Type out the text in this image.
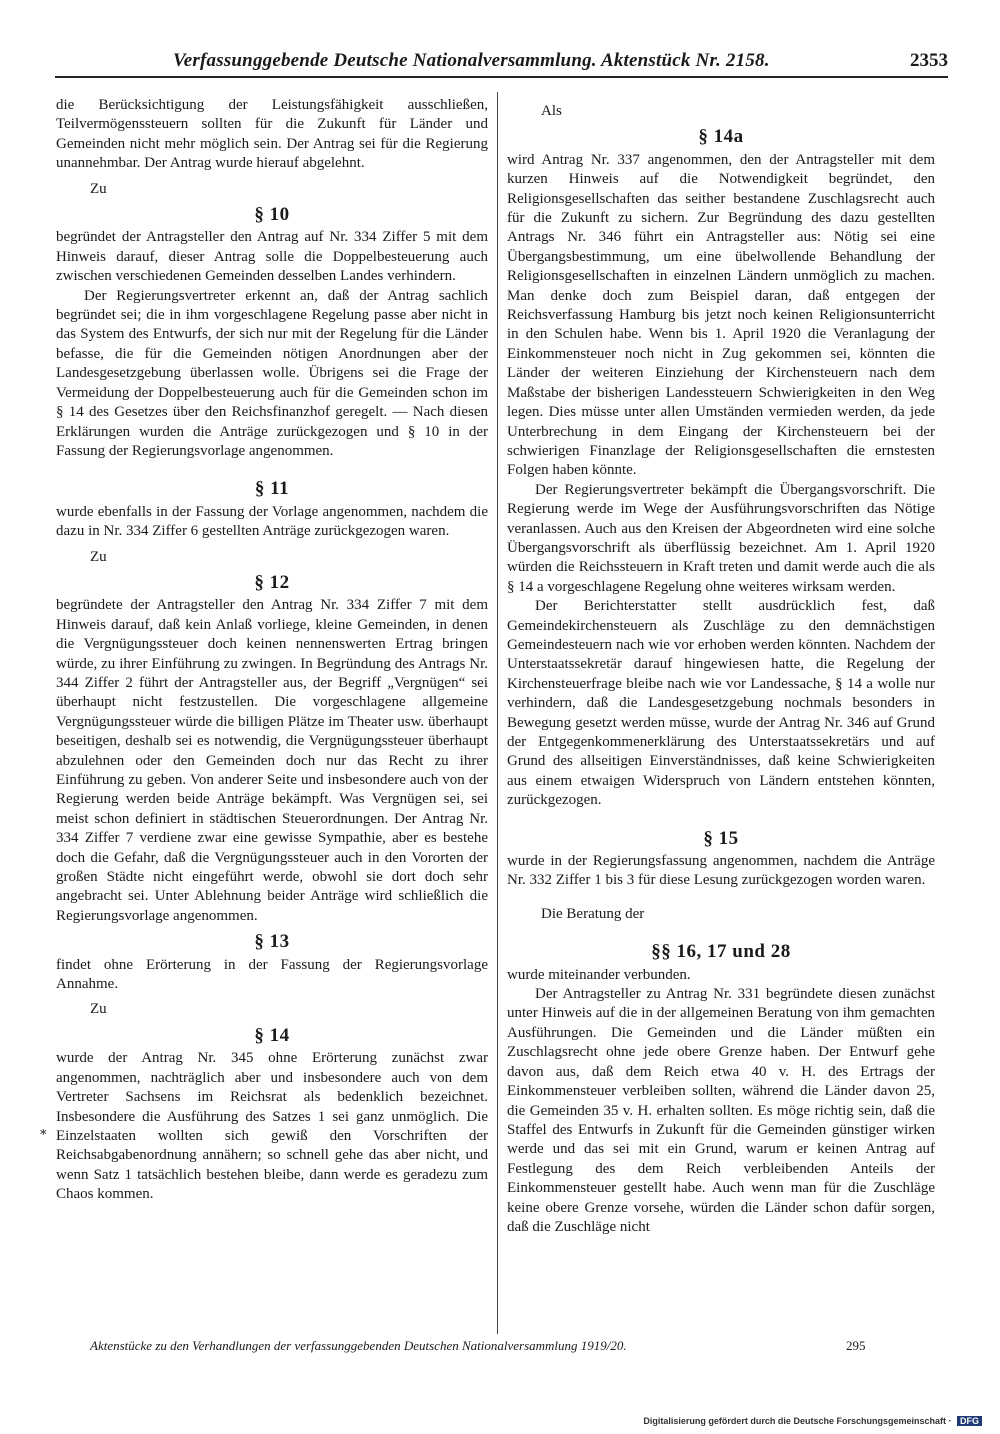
Verfassunggebende Deutsche Nationalversammlung. Aktenstück Nr. 2158.	2353

die Berücksichtigung der Leistungsfähigkeit ausschließen, Teilvermögenssteuern sollten für die Zukunft für Länder und Gemeinden nicht mehr möglich sein. Der Antrag sei für die Regierung unannehmbar. Der Antrag wurde hierauf abgelehnt.

Zu

§ 10

begründet der Antragsteller den Antrag auf Nr. 334 Ziffer 5 mit dem Hinweis darauf, dieser Antrag solle die Doppelbesteuerung auch zwischen verschiedenen Gemeinden desselben Landes verhindern.

Der Regierungsvertreter erkennt an, daß der Antrag sachlich begründet sei; die in ihm vorgeschlagene Regelung passe aber nicht in das System des Entwurfs, der sich nur mit der Regelung für die Länder befasse, die für die Gemeinden nötigen Anordnungen aber der Landesgesetzgebung überlassen wolle. Übrigens sei die Frage der Vermeidung der Doppelbesteuerung auch für die Gemeinden schon im § 14 des Gesetzes über den Reichsfinanzhof geregelt. — Nach diesen Erklärungen wurden die Anträge zurückgezogen und § 10 in der Fassung der Regierungsvorlage angenommen.

§ 11

wurde ebenfalls in der Fassung der Vorlage angenommen, nachdem die dazu in Nr. 334 Ziffer 6 gestellten Anträge zurückgezogen waren.

Zu

§ 12

begründete der Antragsteller den Antrag Nr. 334 Ziffer 7 mit dem Hinweis darauf, daß kein Anlaß vorliege, kleine Gemeinden, in denen die Vergnügungssteuer doch keinen nennenswerten Ertrag bringen würde, zu ihrer Einführung zu zwingen. In Begründung des Antrags Nr. 344 Ziffer 2 führt der Antragsteller aus, der Begriff „Vergnügen“ sei überhaupt nicht festzustellen. Die vorgeschlagene allgemeine Vergnügungssteuer würde die billigen Plätze im Theater usw. überhaupt beseitigen, deshalb sei es notwendig, die Vergnügungssteuer überhaupt abzulehnen oder den Gemeinden doch nur das Recht zu ihrer Einführung zu geben. Von anderer Seite und insbesondere auch von der Regierung werden beide Anträge bekämpft. Was Vergnügen sei, sei meist schon definiert in städtischen Steuerordnungen. Der Antrag Nr. 334 Ziffer 7 verdiene zwar eine gewisse Sympathie, aber es bestehe doch die Gefahr, daß die Vergnügungssteuer auch in den Vororten der großen Städte nicht eingeführt werde, obwohl sie dort doch sehr angebracht sei. Unter Ablehnung beider Anträge wird schließlich die Regierungsvorlage angenommen.

§ 13

findet ohne Erörterung in der Fassung der Regierungsvorlage Annahme.

Zu

§ 14

wurde der Antrag Nr. 345 ohne Erörterung zunächst zwar angenommen, nachträglich aber und insbesondere auch von dem Vertreter Sachsens im Reichsrat als bedenklich bezeichnet. Insbesondere die Ausführung des Satzes 1 sei ganz unmöglich. Die Einzelstaaten wollten sich gewiß den Vorschriften der Reichsabgabenordnung annähern; so schnell gehe das aber nicht, und wenn Satz 1 tatsächlich bestehen bleibe, dann werde es geradezu zum Chaos kommen.

Als

§ 14a

wird Antrag Nr. 337 angenommen, den der Antragsteller mit dem kurzen Hinweis auf die Notwendigkeit begründet, den Religionsgesellschaften das seither bestandene Zuschlagsrecht auch für die Zukunft zu sichern. Zur Begründung des dazu gestellten Antrags Nr. 346 führt ein Antragsteller aus: Nötig sei eine Übergangsbestimmung, um eine übelwollende Behandlung der Religionsgesellschaften in einzelnen Ländern unmöglich zu machen. Man denke doch zum Beispiel daran, daß entgegen der Reichsverfassung Hamburg bis jetzt noch keinen Religionsunterricht in den Schulen habe. Wenn bis 1. April 1920 die Veranlagung der Einkommensteuer noch nicht in Zug gekommen sei, könnten die Länder der weiteren Einziehung der Kirchensteuern nach dem Maßstabe der bisherigen Landessteuern Schwierigkeiten in den Weg legen. Dies müsse unter allen Umständen vermieden werden, da jede Unterbrechung in dem Eingang der Kirchensteuern bei der schwierigen Finanzlage der Religionsgesellschaften die ernstesten Folgen haben könnte.

Der Regierungsvertreter bekämpft die Übergangsvorschrift. Die Regierung werde im Wege der Ausführungsvorschriften das Nötige veranlassen. Auch aus den Kreisen der Abgeordneten wird eine solche Übergangsvorschrift als überflüssig bezeichnet. Am 1. April 1920 würden die Reichssteuern in Kraft treten und damit werde auch die als § 14 a vorgeschlagene Regelung ohne weiteres wirksam werden.

Der Berichterstatter stellt ausdrücklich fest, daß Gemeindekirchensteuern als Zuschläge zu den demnächstigen Gemeindesteuern nach wie vor erhoben werden könnten. Nachdem der Unterstaatssekretär darauf hingewiesen hatte, die Regelung der Kirchensteuerfrage bleibe nach wie vor Landessache, § 14 a wolle nur verhindern, daß die Landesgesetzgebung nochmals besonders in Bewegung gesetzt werden müsse, wurde der Antrag Nr. 346 auf Grund der Entgegenkommenerklärung des Unterstaatssekretärs und auf Grund des allseitigen Einverständnisses, daß keine Schwierigkeiten aus einem etwaigen Widerspruch von Ländern entstehen könnten, zurückgezogen.

§ 15

wurde in der Regierungsfassung angenommen, nachdem die Anträge Nr. 332 Ziffer 1 bis 3 für diese Lesung zurückgezogen worden waren.

Die Beratung der

§§ 16, 17 und 28

wurde miteinander verbunden.

Der Antragsteller zu Antrag Nr. 331 begründete diesen zunächst unter Hinweis auf die in der allgemeinen Beratung von ihm gemachten Ausführungen. Die Gemeinden und die Länder müßten ein Zuschlagsrecht ohne jede obere Grenze haben. Der Entwurf gehe davon aus, daß dem Reich etwa 40 v. H. des Ertrags der Einkommensteuer verbleiben sollten, während die Länder davon 25, die Gemeinden 35 v. H. erhalten sollten. Es möge richtig sein, daß die Staffel des Entwurfs in Zukunft für die Gemeinden günstiger wirken werde und das sei mit ein Grund, warum er keinen Antrag auf Festlegung des dem Reich verbleibenden Anteils der Einkommensteuer gestellt habe. Auch wenn man für die Zuschläge keine obere Grenze vorsehe, würden die Länder schon dafür sorgen, daß die Zuschläge nicht

*
Aktenstücke zu den Verhandlungen der verfassunggebenden Deutschen Nationalversammlung 1919/20.	295
Digitalisierung gefördert durch die Deutsche Forschungsgemeinschaft · DFG
